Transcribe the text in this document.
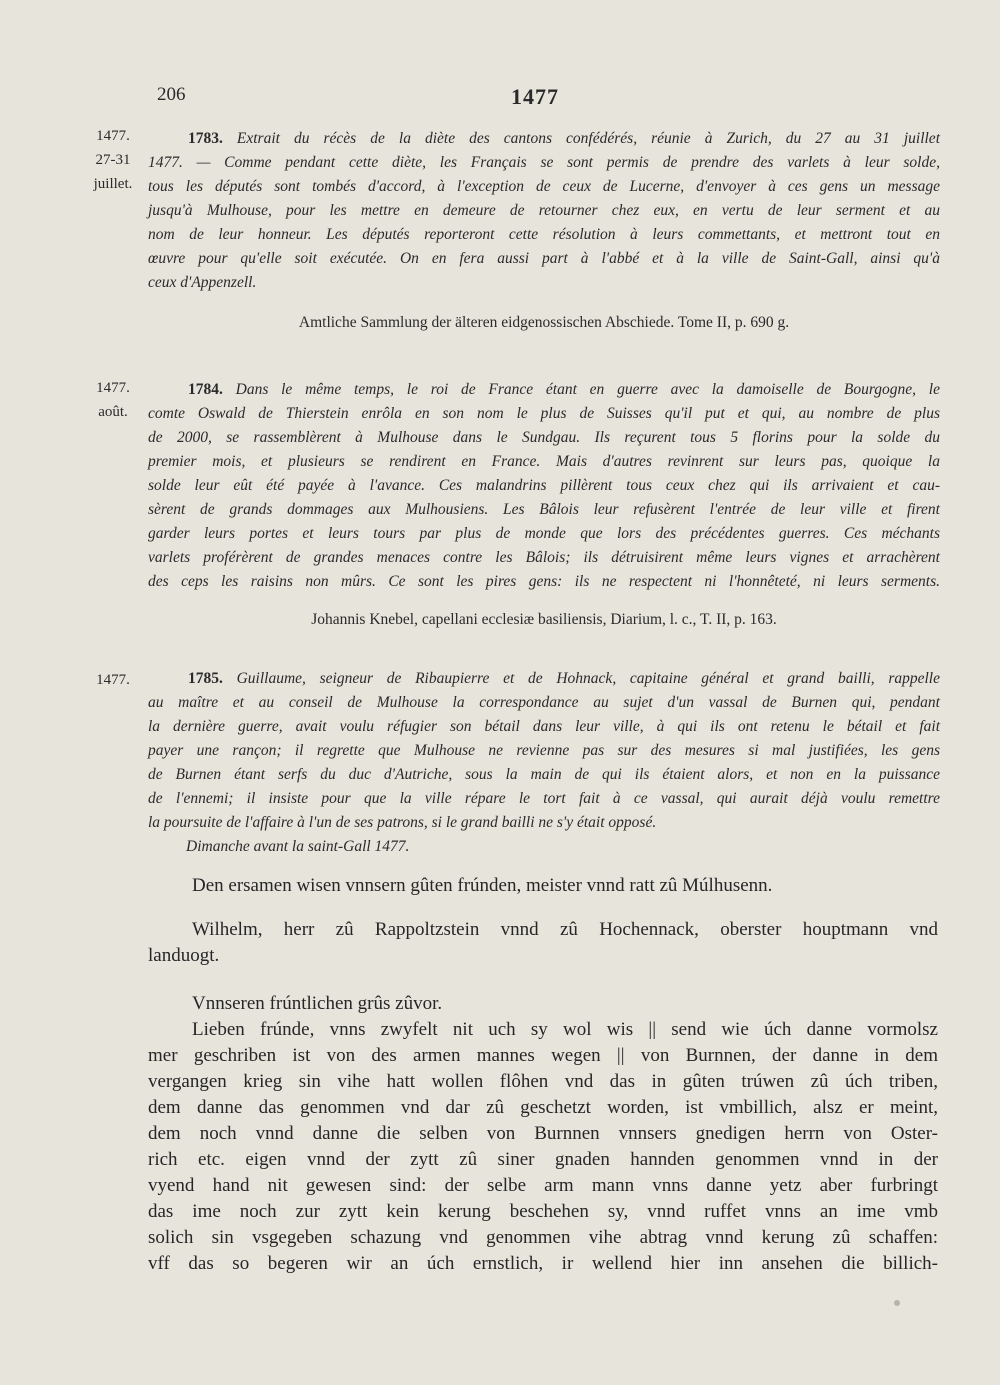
206	1477
1477.
27-31
juillet.
1783. Extrait du récès de la diète des cantons confédérés, réunie à Zurich, du 27 au 31 juillet
1477. — Comme pendant cette diète, les Français se sont permis de prendre des varlets à leur solde,
tous les députés sont tombés d'accord, à l'exception de ceux de Lucerne, d'envoyer à ces gens un message
jusqu'à Mulhouse, pour les mettre en demeure de retourner chez eux, en vertu de leur serment et au
nom de leur honneur. Les députés reporteront cette résolution à leurs commettants, et mettront tout en
œuvre pour qu'elle soit exécutée. On en fera aussi part à l'abbé et à la ville de Saint-Gall, ainsi qu'à
ceux d'Appenzell.
Amtliche Sammlung der älteren eidgenossischen Abschiede. Tome II, p. 690 g.
1477.
août.
1784. Dans le même temps, le roi de France étant en guerre avec la damoiselle de Bourgogne, le
comte Oswald de Thierstein enrôla en son nom le plus de Suisses qu'il put et qui, au nombre de plus
de 2000, se rassemblèrent à Mulhouse dans le Sundgau. Ils reçurent tous 5 florins pour la solde du
premier mois, et plusieurs se rendirent en France. Mais d'autres revinrent sur leurs pas, quoique la
solde leur eût été payée à l'avance. Ces malandrins pillèrent tous ceux chez qui ils arrivaient et cau-
sèrent de grands dommages aux Mulhousiens. Les Bâlois leur refusèrent l'entrée de leur ville et firent
garder leurs portes et leurs tours par plus de monde que lors des précédentes guerres. Ces méchants
varlets proférèrent de grandes menaces contre les Bâlois; ils détruisirent même leurs vignes et arrachèrent
des ceps les raisins non mûrs. Ce sont les pires gens: ils ne respectent ni l'honnêteté, ni leurs serments.
Johannis Knebel, capellani ecclesiæ basiliensis, Diarium, l. c., T. II, p. 163.
1477.	1785. Guillaume, seigneur de Ribaupierre et de Hohnack, capitaine général et grand bailli, rappelle
au maître et au conseil de Mulhouse la correspondance au sujet d'un vassal de Burnen qui, pendant
la dernière guerre, avait voulu réfugier son bétail dans leur ville, à qui ils ont retenu le bétail et fait
payer une rançon; il regrette que Mulhouse ne revienne pas sur des mesures si mal justifiées, les gens
de Burnen étant serfs du duc d'Autriche, sous la main de qui ils étaient alors, et non en la puissance
de l'ennemi; il insiste pour que la ville répare le tort fait à ce vassal, qui aurait déjà voulu remettre
la poursuite de l'affaire à l'un de ses patrons, si le grand bailli ne s'y était opposé.
Dimanche avant la saint-Gall 1477.
Den ersamen wisen vnnsern gûten frúnden, meister vnnd ratt zû Múlhusenn.
Wilhelm, herr zû Rappoltzstein vnnd zû Hochennack, oberster houptmann vnd
landuogt.
Vnnseren frúntlichen grûs zûvor.
Lieben frúnde, vnns zwyfelt nit uch sy wol wis || send wie úch danne vormolsz
mer geschriben ist von des armen mannes wegen || von Burnnen, der danne in dem
vergangen krieg sin vihe hatt wollen flôhen vnd das in gûten trúwen zû úch triben,
dem danne das genommen vnd dar zû geschetzt worden, ist vmbillich, alsz er meint,
dem noch vnnd danne die selben von Burnnen vnnsers gnedigen herrn von Oster-
rich etc. eigen vnnd der zytt zû siner gnaden hannden genommen vnnd in der
vyend hand nit gewesen sind: der selbe arm mann vnns danne yetz aber furbringt
das ime noch zur zytt kein kerung beschehen sy, vnnd ruffet vnns an ime vmb
solich sin vsgegeben schazung vnd genommen vihe abtrag vnnd kerung zû schaffen:
vff das so begeren wir an úch ernstlich, ir wellend hier inn ansehen die billich-
